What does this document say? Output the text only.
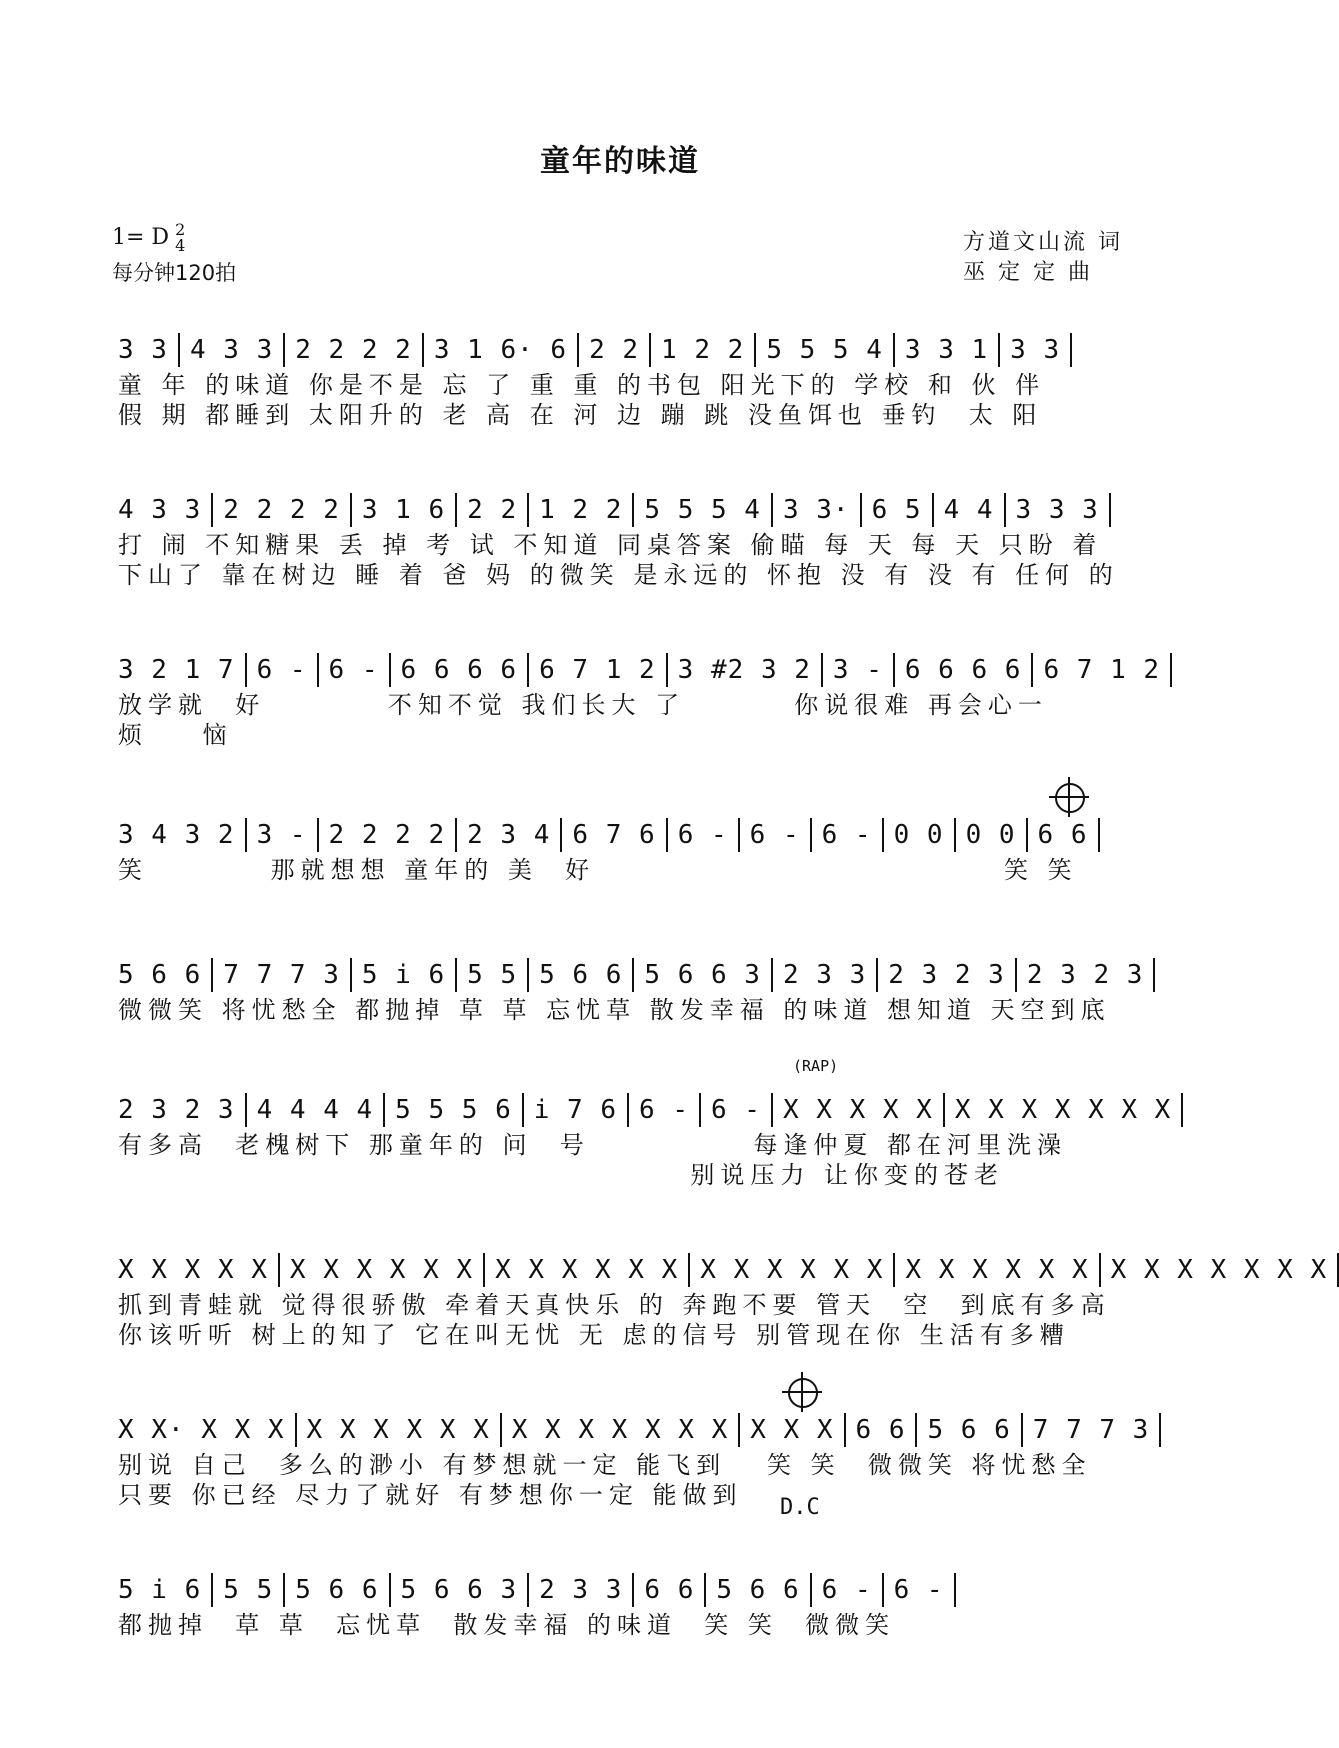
童年的味道
1= D 2
4
每分钟120拍
方道文山流 词
巫 定 定 曲
3 3 4 3 3 2 2 2 2 3 1 6· 6 2 2 1 2 2 5 5 5 4 3 3 1 3 3
童 年 的味道 你是不是 忘 了 重 重 的书包 阳光下的 学校 和 伙 伴
假 期 都睡到 太阳升的 老 高 在 河 边 蹦 跳 没鱼饵也 垂钓  太 阳
4 3 3 2 2 2 2 3 1 6 2 2 1 2 2 5 5 5 4 3 3· 6 5 4 4 3 3 3
打 闹 不知糖果 丢 掉 考 试 不知道 同桌答案 偷瞄 每 天 每 天 只盼 着
下山了 靠在树边 睡 着 爸 妈 的微笑 是永远的 怀抱 没 有 没 有 任何 的
3 2 1 7 6 - 6 - 6 6 6 6 6 7 1 2 3 #2 3 2 3 - 6 6 6 6 6 7 1 2
放学就  好         不知不觉 我们长大 了        你说很难 再会心一
烦    恼
3 4 3 2 3 - 2 2 2 2 2 3 4 6 7 6 6 - 6 - 6 - 0 0 0 0 6 6
笑         那就想想 童年的 美  好                              笑 笑
5 6 6 7 7 7 3 5 i 6 5 5 5 6 6 5 6 6 3 2 3 3 2 3 2 3 2 3 2 3
微微笑 将忧愁全 都抛掉 草 草 忘忧草 散发幸福 的味道 想知道 天空到底
2 3 2 3 4 4 4 4 5 5 5 6 i 7 6 6 - 6 - X X X X X X X X X X X X
有多高  老槐树下 那童年的 问  号            每逢仲夏 都在河里洗澡
别说压力 让你变的苍老
X X X X X X X X X X X X X X X X X X X X X X X X X X X X X X X X X X X X
抓到青蛙就 觉得很骄傲 牵着天真快乐 的 奔跑不要 管天  空  到底有多高
你该听听 树上的知了 它在叫无忧 无 虑的信号 别管现在你 生活有多糟
X X· X X X X X X X X X X X X X X X X X X X 6 6 5 6 6 7 7 7 3
别说 自己  多么的渺小 有梦想就一定 能飞到   笑 笑  微微笑 将忧愁全
只要 你已经 尽力了就好 有梦想你一定 能做到
5 i 6 5 5 5 6 6 5 6 6 3 2 3 3 6 6 5 6 6 6 - 6 -
都抛掉  草 草  忘忧草  散发幸福 的味道  笑 笑  微微笑
(RAP)
D.C
